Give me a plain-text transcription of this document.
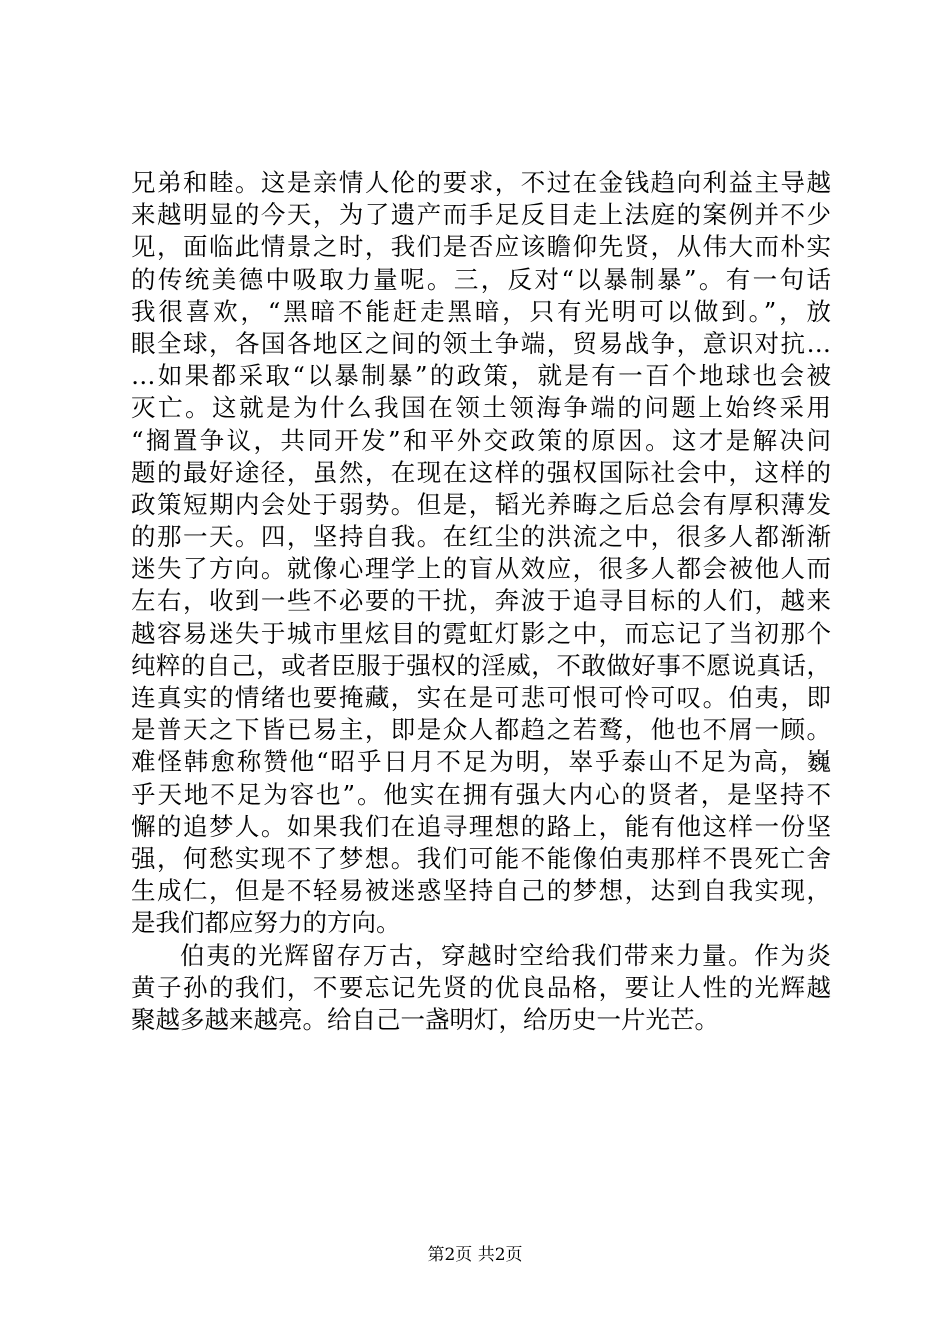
兄弟和睦。这是亲情人伦的要求，不过在金钱趋向利益主导越
来越明显的今天，为了遗产而手足反目走上法庭的案例并不少
见，面临此情景之时，我们是否应该瞻仰先贤，从伟大而朴实
的传统美德中吸取力量呢。三，反对“以暴制暴”。有一句话
我很喜欢，“黑暗不能赶走黑暗，只有光明可以做到。”，放
眼全球，各国各地区之间的领土争端，贸易战争，意识对抗…
…如果都采取“以暴制暴”的政策，就是有一百个地球也会被
灭亡。这就是为什么我国在领土领海争端的问题上始终采用
“搁置争议，共同开发”和平外交政策的原因。这才是解决问
题的最好途径，虽然，在现在这样的强权国际社会中，这样的
政策短期内会处于弱势。但是，韬光养晦之后总会有厚积薄发
的那一天。四，坚持自我。在红尘的洪流之中，很多人都渐渐
迷失了方向。就像心理学上的盲从效应，很多人都会被他人而
左右，收到一些不必要的干扰，奔波于追寻目标的人们，越来
越容易迷失于城市里炫目的霓虹灯影之中，而忘记了当初那个
纯粹的自己，或者臣服于强权的淫威，不敢做好事不愿说真话，
连真实的情绪也要掩藏，实在是可悲可恨可怜可叹。伯夷，即
是普天之下皆已易主，即是众人都趋之若鹜，他也不屑一顾。
难怪韩愈称赞他“昭乎日月不足为明，崒乎泰山不足为高，巍
乎天地不足为容也”。他实在拥有强大内心的贤者，是坚持不
懈的追梦人。如果我们在追寻理想的路上，能有他这样一份坚
强，何愁实现不了梦想。我们可能不能像伯夷那样不畏死亡舍
生成仁，但是不轻易被迷惑坚持自己的梦想，达到自我实现，
是我们都应努力的方向。
伯夷的光辉留存万古，穿越时空给我们带来力量。作为炎
黄子孙的我们，不要忘记先贤的优良品格，要让人性的光辉越
聚越多越来越亮。给自己一盏明灯，给历史一片光芒。
第2页 共2页
